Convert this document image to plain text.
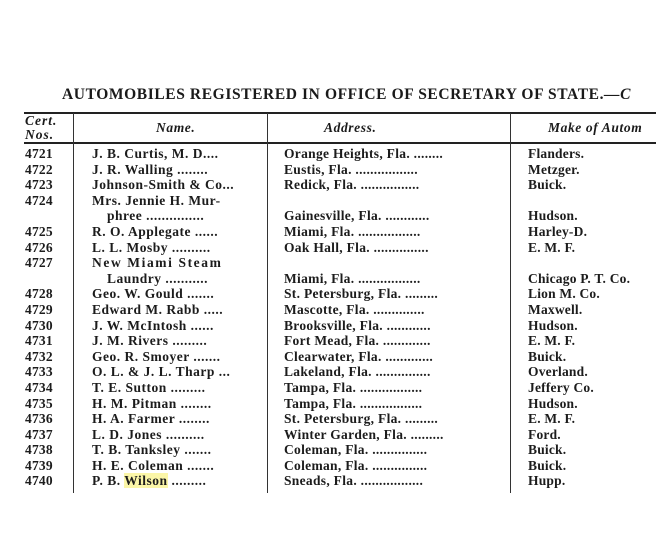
AUTOMOBILES REGISTERED IN OFFICE OF SECRETARY OF STATE.—C
Cert.
Nos.	Name.	Address.	Make of Autom
4721	J. B. Curtis, M. D....	Orange Heights, Fla. ........	Flanders.
4722	J. R. Walling ........	Eustis, Fla. .................	Metzger.
4723	Johnson-Smith & Co...	Redick, Fla. ................	Buick.
4724	Mrs. Jennie H. Mur-
phree ...............	Gainesville, Fla. ............	Hudson.
4725	R. O. Applegate ......	Miami, Fla. .................	Harley-D.
4726	L. L. Mosby ..........	Oak Hall, Fla. ...............	E. M. F.
4727	New Miami Steam
Laundry ...........	Miami, Fla. .................	Chicago P. T. Co.
4728	Geo. W. Gould .......	St. Petersburg, Fla. .........	Lion M. Co.
4729	Edward M. Rabb .....	Mascotte, Fla. ..............	Maxwell.
4730	J. W. McIntosh ......	Brooksville, Fla. ............	Hudson.
4731	J. M. Rivers .........	Fort Mead, Fla. .............	E. M. F.
4732	Geo. R. Smoyer .......	Clearwater, Fla. .............	Buick.
4733	O. L. & J. L. Tharp ...	Lakeland, Fla. ...............	Overland.
4734	T. E. Sutton .........	Tampa, Fla. .................	Jeffery Co.
4735	H. M. Pitman ........	Tampa, Fla. .................	Hudson.
4736	H. A. Farmer ........	St. Petersburg, Fla. .........	E. M. F.
4737	L. D. Jones ..........	Winter Garden, Fla. .........	Ford.
4738	T. B. Tanksley .......	Coleman, Fla. ...............	Buick.
4739	H. E. Coleman .......	Coleman, Fla. ...............	Buick.
4740	P. B. Wilson .........	Sneads, Fla. .................	Hupp.
